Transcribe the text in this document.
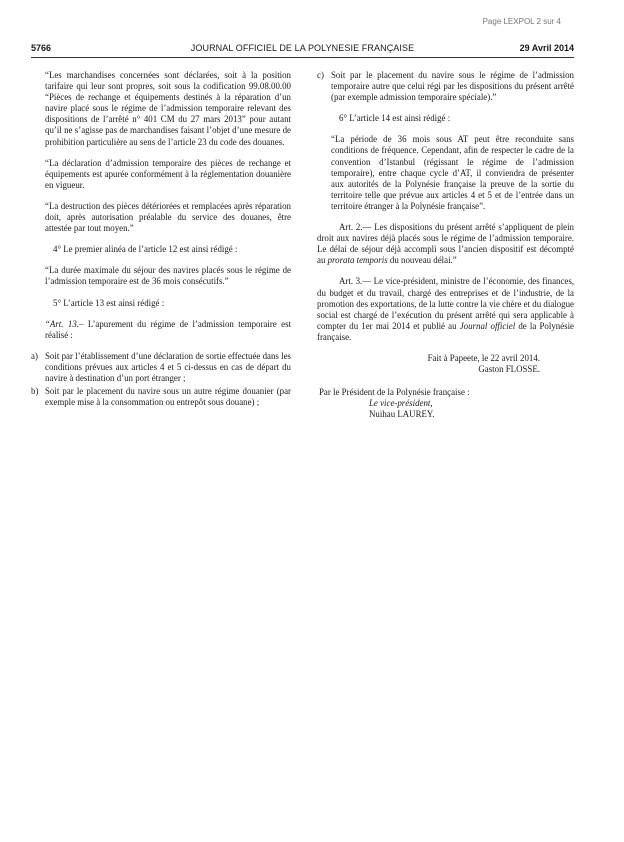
Page LEXPOL 2 sur 4
5766	JOURNAL OFFICIEL DE LA POLYNESIE FRANÇAISE	29 Avril 2014

“Les marchandises concernées sont déclarées, soit à la position tarifaire qui leur sont propres, soit sous la codification 99.08.00.00 “Pièces de rechange et équipements destinés à la réparation d’un navire placé sous le régime de l’admission temporaire relevant des dispositions de l’arrêté n° 401 CM du 27 mars 2013” pour autant qu’il ne s’agisse pas de marchandises faisant l’objet d’une mesure de prohibition particulière au sens de l’article 23 du code des douanes.

“La déclaration d’admission temporaire des pièces de rechange et équipements est apurée conformément à la réglementation douanière en vigueur.

“La destruction des pièces détériorées et remplacées après réparation doit, après autorisation préalable du service des douanes, être attestée par tout moyen.”

4° Le premier alinéa de l’article 12 est ainsi rédigé :

“La durée maximale du séjour des navires placés sous le régime de l’admission temporaire est de 36 mois consécutifs.”

5° L’article 13 est ainsi rédigé :

“Art. 13.– L’apurement du régime de l’admission temporaire est réalisé :

a) Soit par l’établissement d’une déclaration de sortie effectuée dans les conditions prévues aux articles 4 et 5 ci-dessus en cas de départ du navire à destination d’un port étranger ;
b) Soit par le placement du navire sous un autre régime douanier (par exemple mise à la consommation ou entrepôt sous douane) ;
c) Soit par le placement du navire sous le régime de l’admission temporaire autre que celui régi par les dispositions du présent arrêté (par exemple admission temporaire spéciale).”

6° L’article 14 est ainsi rédigé :

“La période de 36 mois sous AT peut être reconduite sans conditions de fréquence. Cependant, afin de respecter le cadre de la convention d’Istanbul (régissant le régime de l’admission temporaire), entre chaque cycle d’AT, il conviendra de présenter aux autorités de la Polynésie française la preuve de la sortie du territoire telle que prévue aux articles 4 et 5 et de l’entrée dans un territoire étranger à la Polynésie française”.

Art. 2.— Les dispositions du présent arrêté s’appliquent de plein droit aux navires déjà placés sous le régime de l’admission temporaire. Le délai de séjour déjà accompli sous l’ancien dispositif est décompté au prorata temporis du nouveau délai.”

Art. 3.— Le vice-président, ministre de l’économie, des finances, du budget et du travail, chargé des entreprises et de l’industrie, de la promotion des exportations, de la lutte contre la vie chère et du dialogue social est chargé de l’exécution du présent arrêté qui sera applicable à compter du 1er mai 2014 et publié au Journal officiel de la Polynésie française.

Fait à Papeete, le 22 avril 2014.
Gaston FLOSSE.
Par le Président de la Polynésie française :
Le vice-président,
Nuihau LAUREY.
